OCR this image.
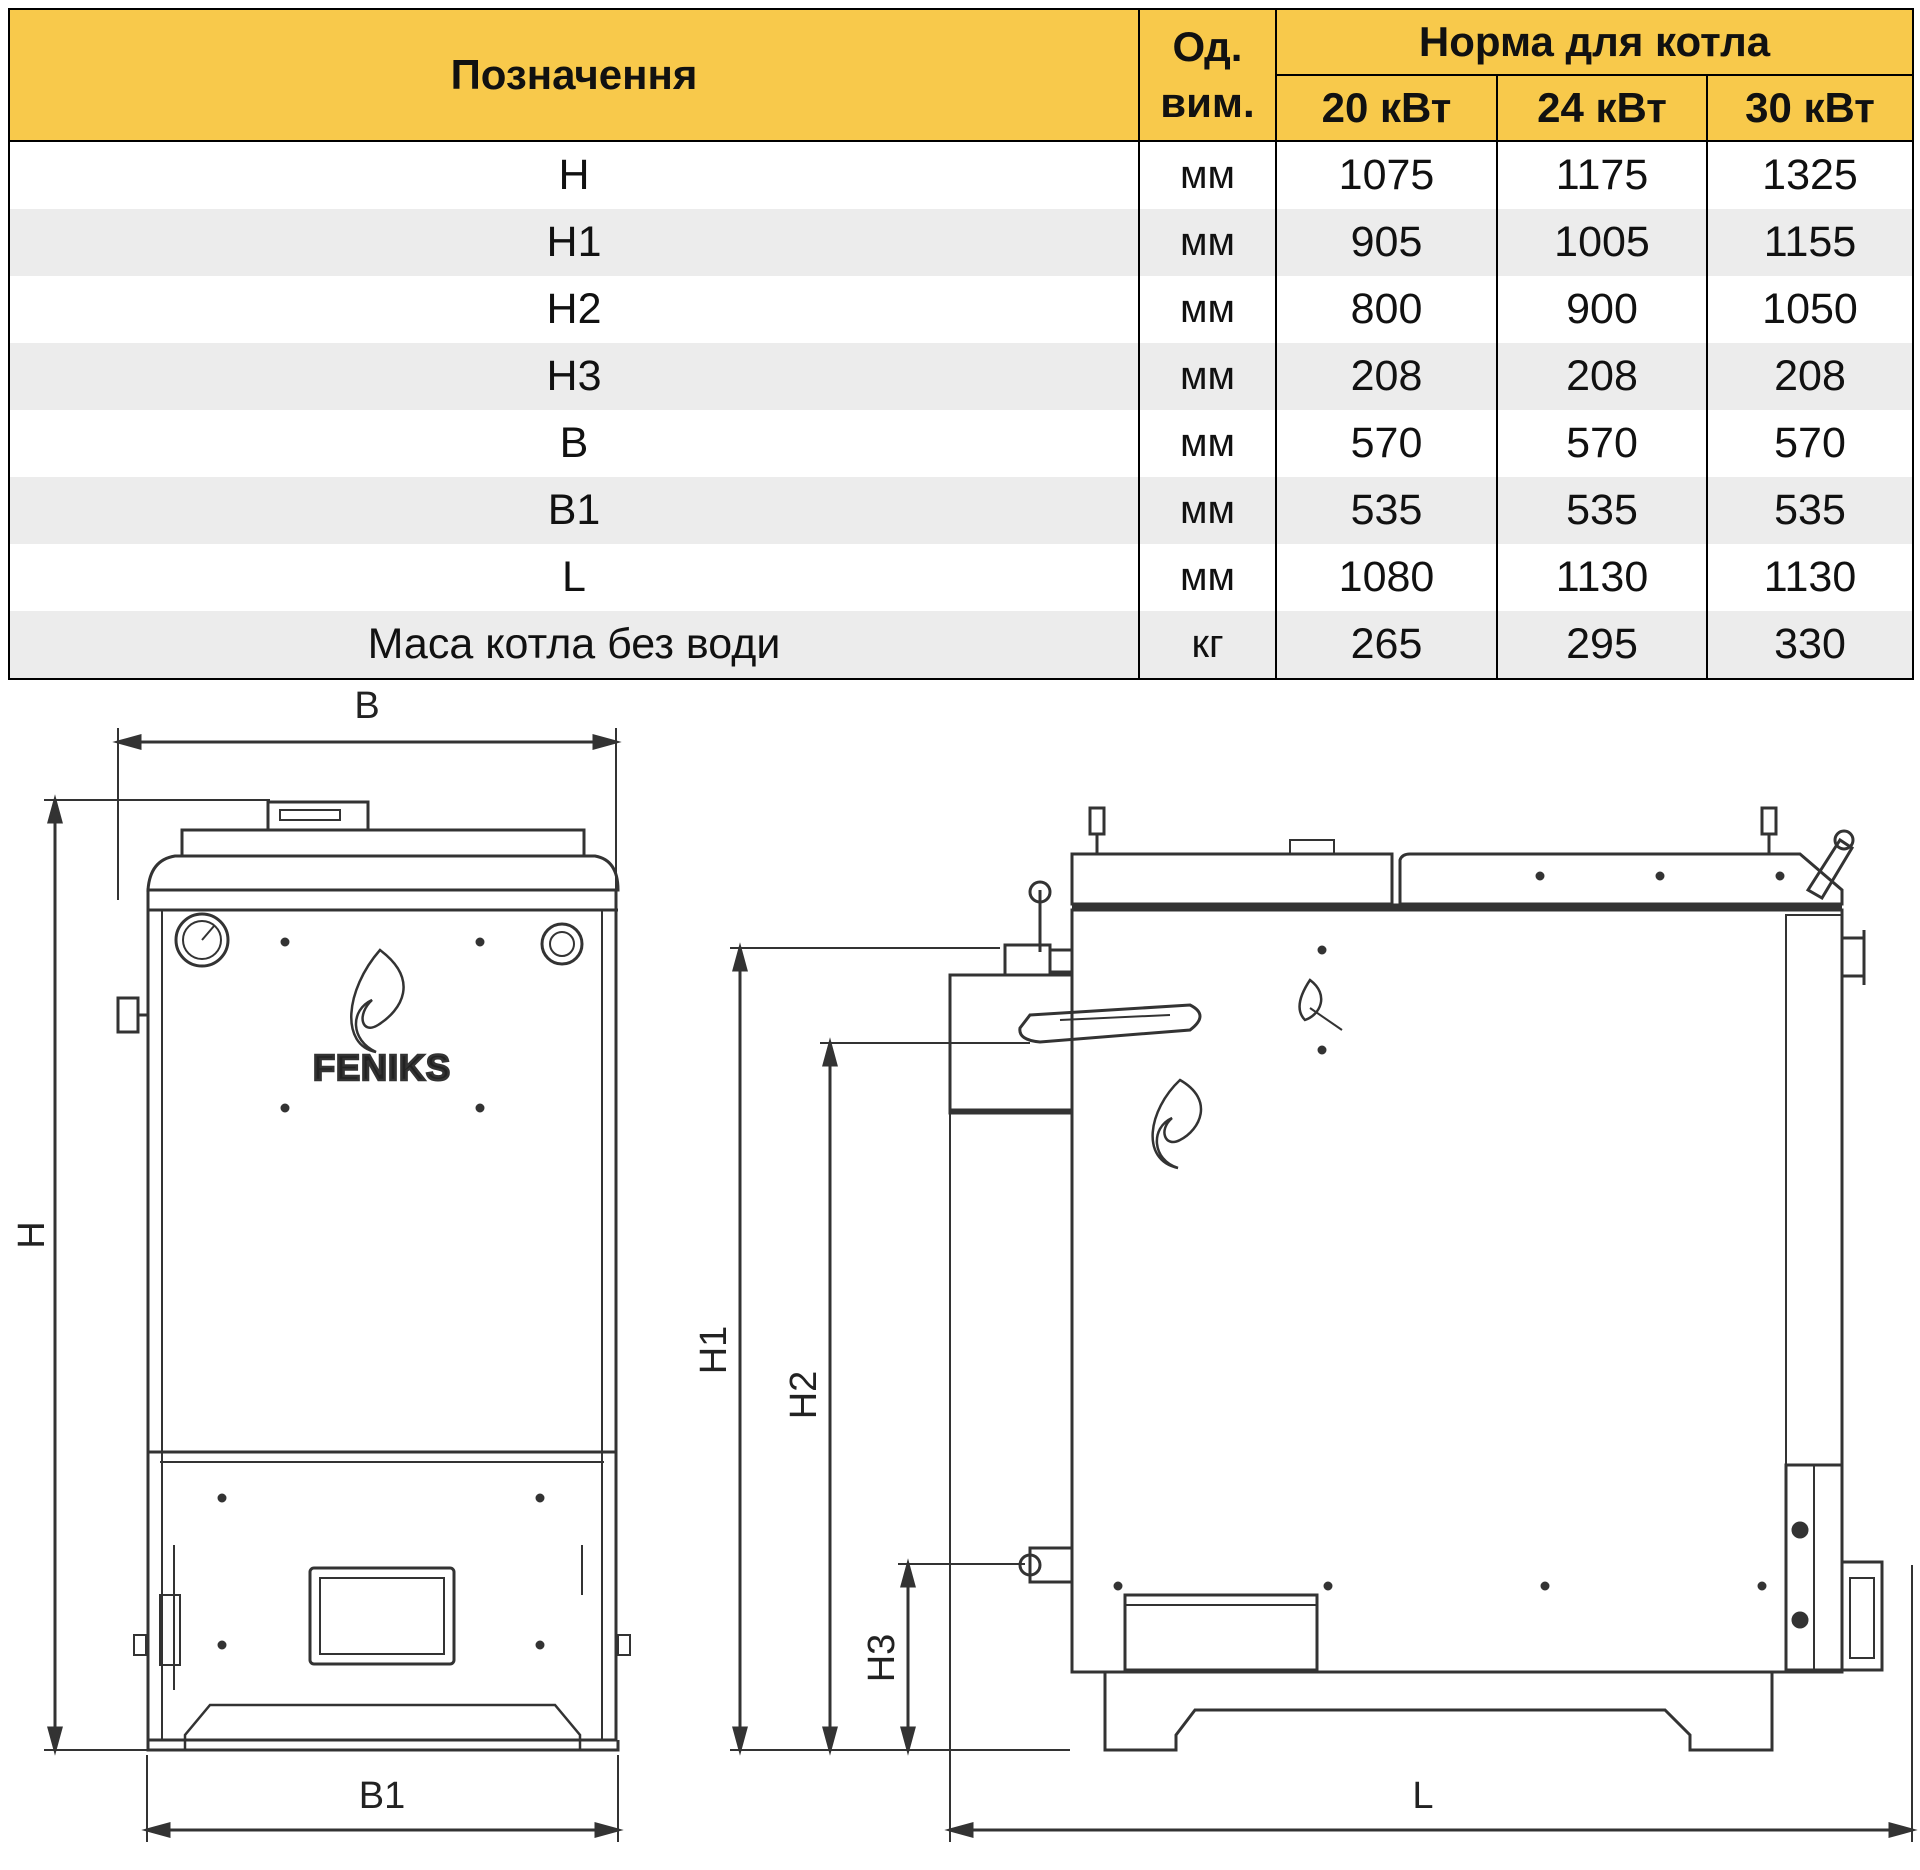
Позначення	Од. вим.	Норма для котла		
		20 кВт	24 кВт	30 кВт
H	мм	1075	1175	1325
H1	мм	905	1005	1155
H2	мм	800	900	1050
H3	мм	208	208	208
B	мм	570	570	570
B1	мм	535	535	535
L	мм	1080	1130	1130
Маса котла без води	кг	265	295	330
FENIKS
B
H
B1
H1
H2
H3
L
